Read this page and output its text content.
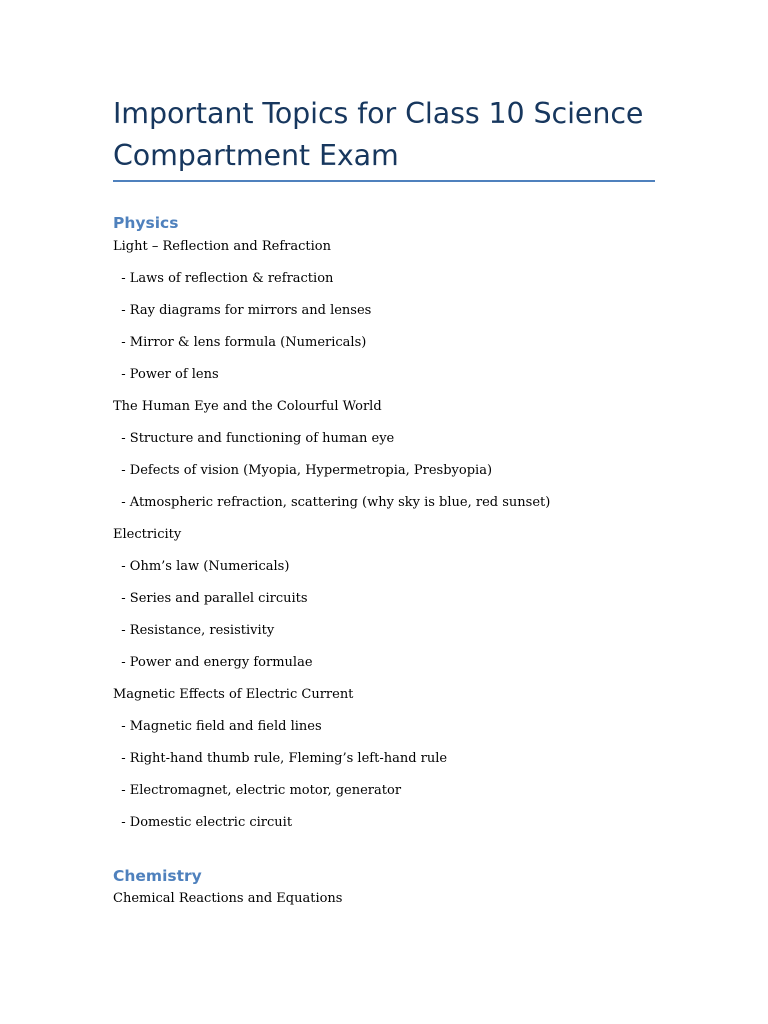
Important Topics for Class 10 Science
Compartment Exam
Physics

Light – Reflection and Refraction

- Laws of reflection & refraction

- Ray diagrams for mirrors and lenses

- Mirror & lens formula (Numericals)

- Power of lens

The Human Eye and the Colourful World

- Structure and functioning of human eye

- Defects of vision (Myopia, Hypermetropia, Presbyopia)

- Atmospheric refraction, scattering (why sky is blue, red sunset)

Electricity

- Ohm’s law (Numericals)

- Series and parallel circuits

- Resistance, resistivity

- Power and energy formulae

Magnetic Effects of Electric Current

- Magnetic field and field lines

- Right-hand thumb rule, Fleming’s left-hand rule

- Electromagnet, electric motor, generator

- Domestic electric circuit

Chemistry

Chemical Reactions and Equations
